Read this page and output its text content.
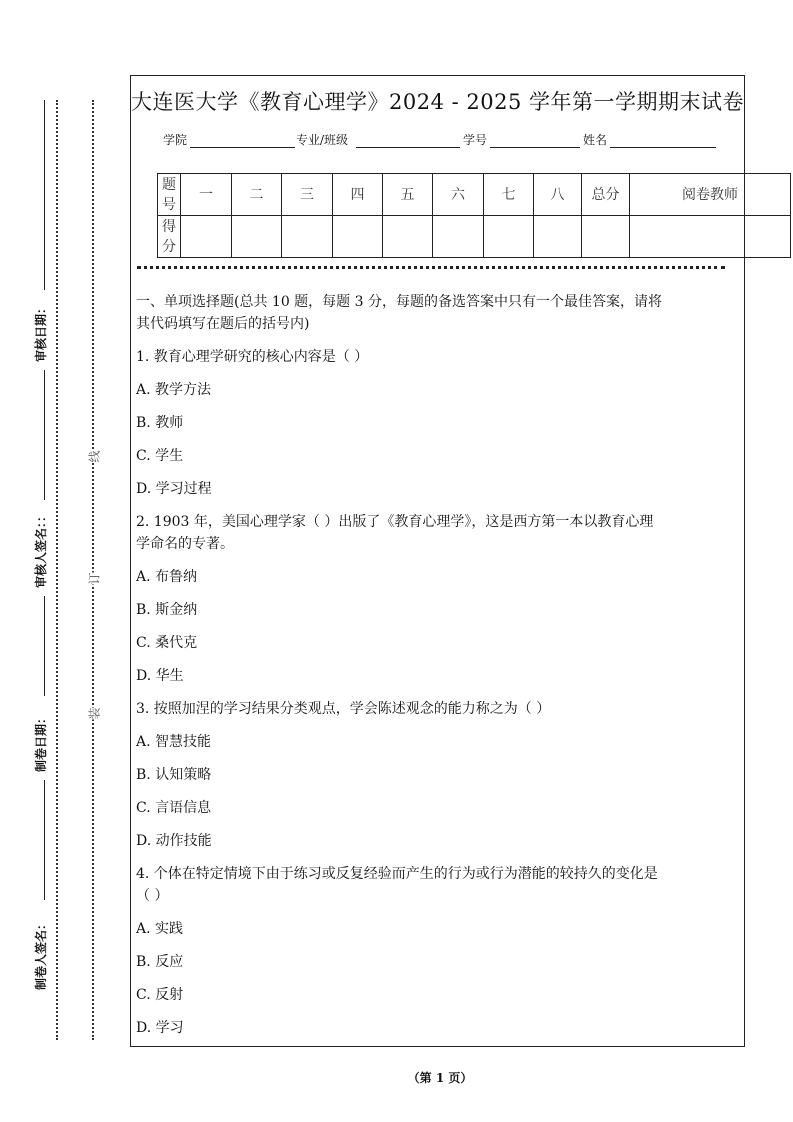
审核日期：
审核人签名：：
制卷日期：
制卷人签名：
线
订
装
大连医大学《教育心理学》2024 - 2025 学年第一学期期末试卷
学院	专业/班级	学号	姓名
题号	一	二	三	四	五	六	七	八	总分	阅卷教师
得分										
一、单项选择题(总共 10 题，每题 3 分，每题的备选答案中只有一个最佳答案，请将
其代码填写在题后的括号内)
1. 教育心理学研究的核心内容是（ ）
A. 教学方法
B. 教师
C. 学生
D. 学习过程
2. 1903 年，美国心理学家（ ）出版了《教育心理学》，这是西方第一本以教育心理
学命名的专著。
A. 布鲁纳
B. 斯金纳
C. 桑代克
D. 华生
3. 按照加涅的学习结果分类观点，学会陈述观念的能力称之为（ ）
A. 智慧技能
B. 认知策略
C. 言语信息
D. 动作技能
4. 个体在特定情境下由于练习或反复经验而产生的行为或行为潜能的较持久的变化是
（ ）
A. 实践
B. 反应
C. 反射
D. 学习
（第 1 页）
